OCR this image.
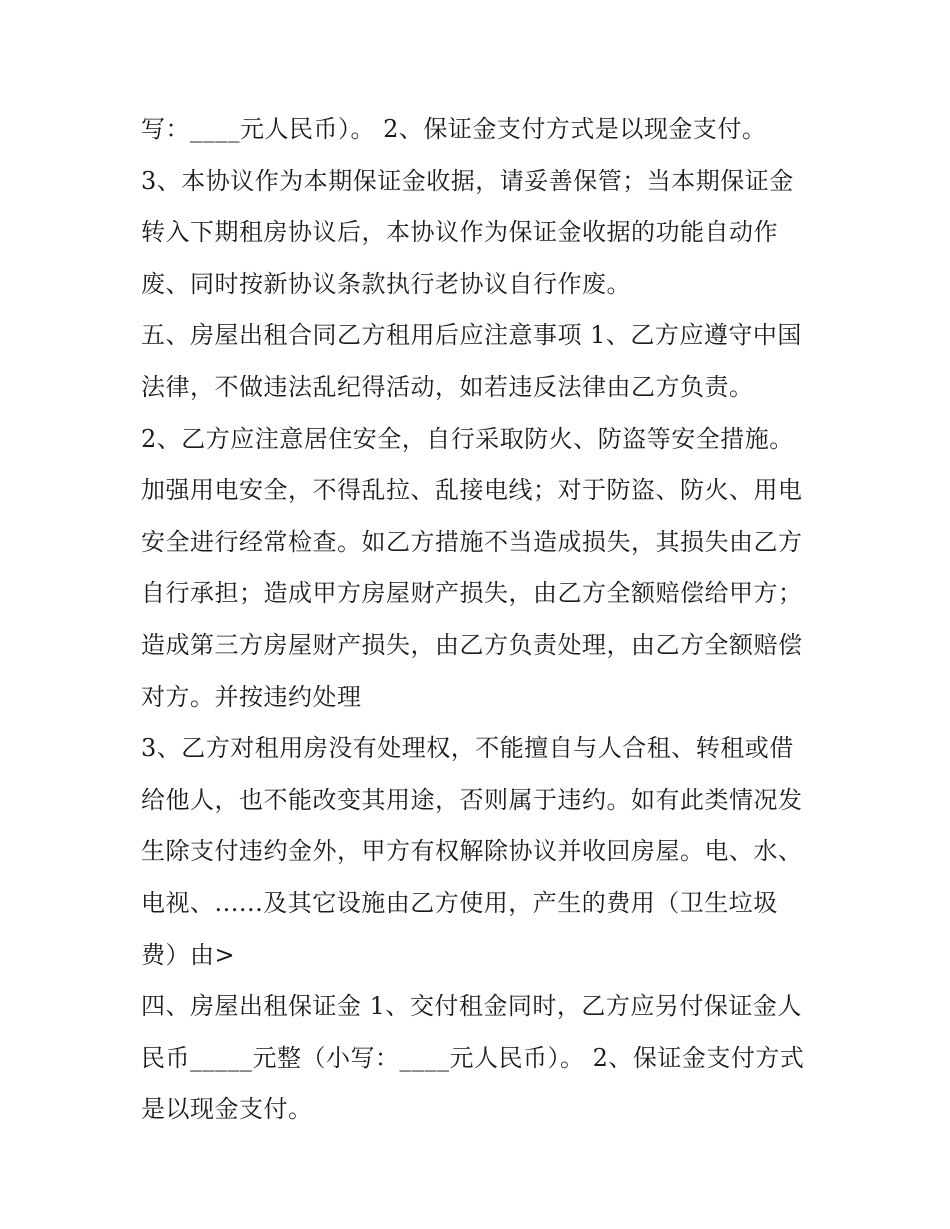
写：____元人民币）。 2、保证金支付方式是以现金支付。
3、本协议作为本期保证金收据，请妥善保管；当本期保证金
转入下期租房协议后，本协议作为保证金收据的功能自动作
废、同时按新协议条款执行老协议自行作废。
五、房屋出租合同乙方租用后应注意事项 1、乙方应遵守中国
法律，不做违法乱纪得活动，如若违反法律由乙方负责。
2、乙方应注意居住安全，自行采取防火、防盗等安全措施。
加强用电安全，不得乱拉、乱接电线；对于防盗、防火、用电
安全进行经常检查。如乙方措施不当造成损失，其损失由乙方
自行承担；造成甲方房屋财产损失，由乙方全额赔偿给甲方；
造成第三方房屋财产损失，由乙方负责处理，由乙方全额赔偿
对方。并按违约处理
3、乙方对租用房没有处理权，不能擅自与人合租、转租或借
给他人，也不能改变其用途，否则属于违约。如有此类情况发
生除支付违约金外，甲方有权解除协议并收回房屋。电、水、
电视、......及其它设施由乙方使用，产生的费用（卫生垃圾
费）由>
四、房屋出租保证金 1、交付租金同时，乙方应另付保证金人
民币_____元整（小写：____元人民币）。 2、保证金支付方式
是以现金支付。
